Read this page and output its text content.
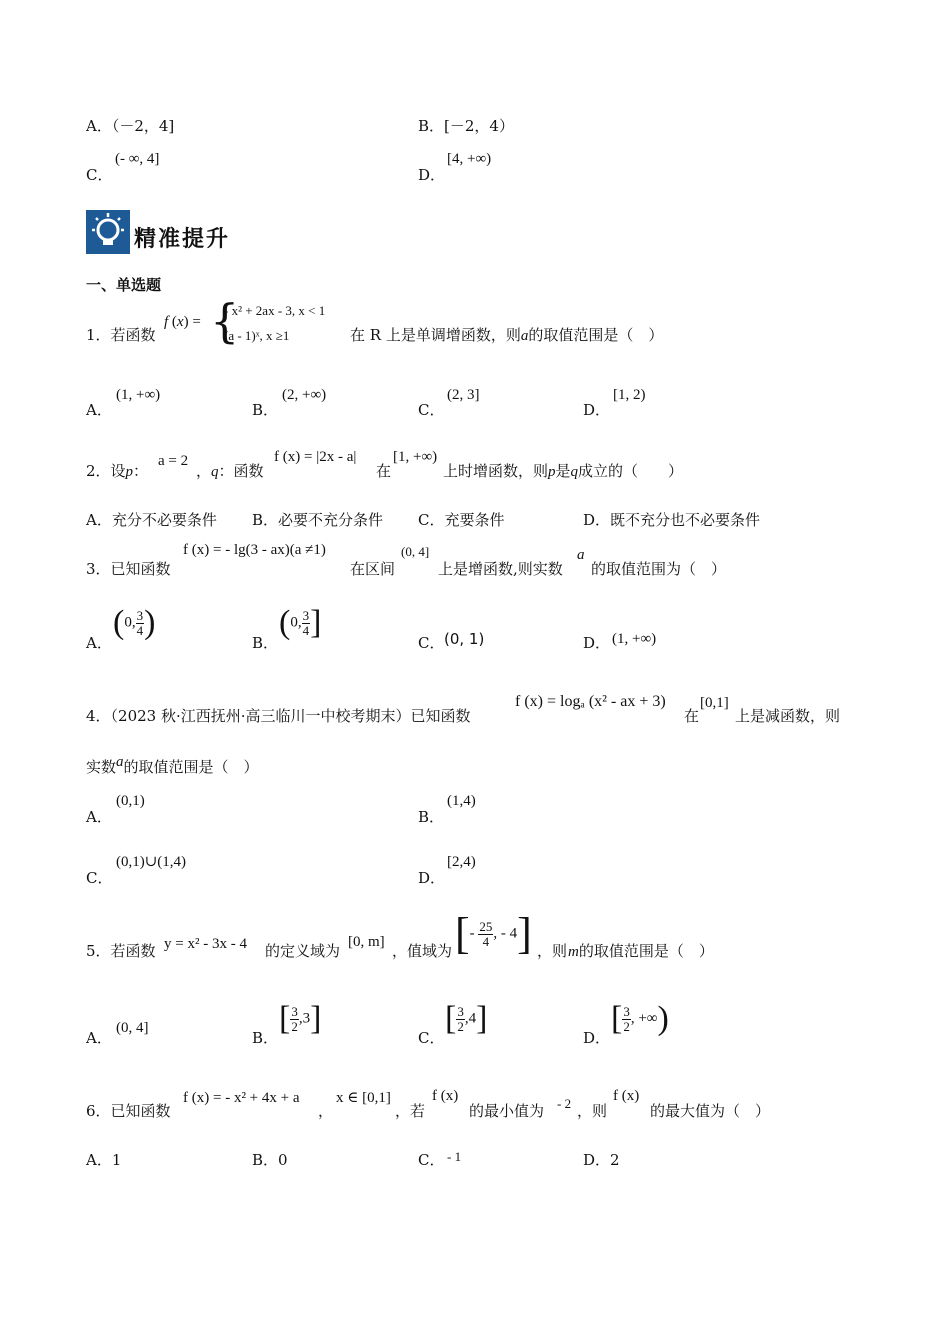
A．（－2，4]	B．[－2，4）
C．
(- ∞, 4]
D．
[4, +∞)
精准提升
一、单选题
1．若函数
f (x) = {
- x² + 2ax - 3, x < 1
(a - 1)ˣ, x ≥1	在 R 上是单调增函数，则a的取值范围是（　）
A．
(1, +∞)
B．
(2, +∞)
C．
(2, 3]
D．
[1, 2)
2．设p：
a = 2
，q：函数
f (x) = |2x - a|
在
[1, +∞)
上时增函数，则p是q成立的（　　）
A．充分不必要条件 B．必要不充分条件 C．充要条件	D．既不充分也不必要条件
3．已知函数
f (x) = - lg(3 - ax)(a ≠1)
在区间
(0, 4]
上是增函数,则实数
a
的取值范围为（　）
A．
(0, $\frac{3}{4}$ )
B．
(0, $\frac{3}{4}$ ]
C． (0, 1)	D． (1, +∞)
4．（2023 秋·江西抚州·高三临川一中校考期末）已知函数
f (x) = logₐ (x² - ax + 3)
在
[0,1]
上是减函数，则
实数a的取值范围是（　）
A．
(0,1)
B．
(1,4)
C．
(0,1)∪(1,4)
D．
[2,4)
5．若函数 y = x² - 3x - 4 的定义域为 [0, m] ，值域为 [- $\frac{25}{4}$ , - 4] ，则 m的取值范围是（　）
A．
(0, 4]
B．
[ $\frac{3}{2} ,3$]
C．
[ $\frac{3}{2} ,4$]
D．
[ $\frac{3}{2}$ , +∞)
6．已知函数
f (x) = - x² + 4x + a
，
x ∈ [0,1]
，若
f (x)
的最小值为 - 2 ，则
f (x)
的最大值为（　）
A．1	B．0	C． - 1	D．2
